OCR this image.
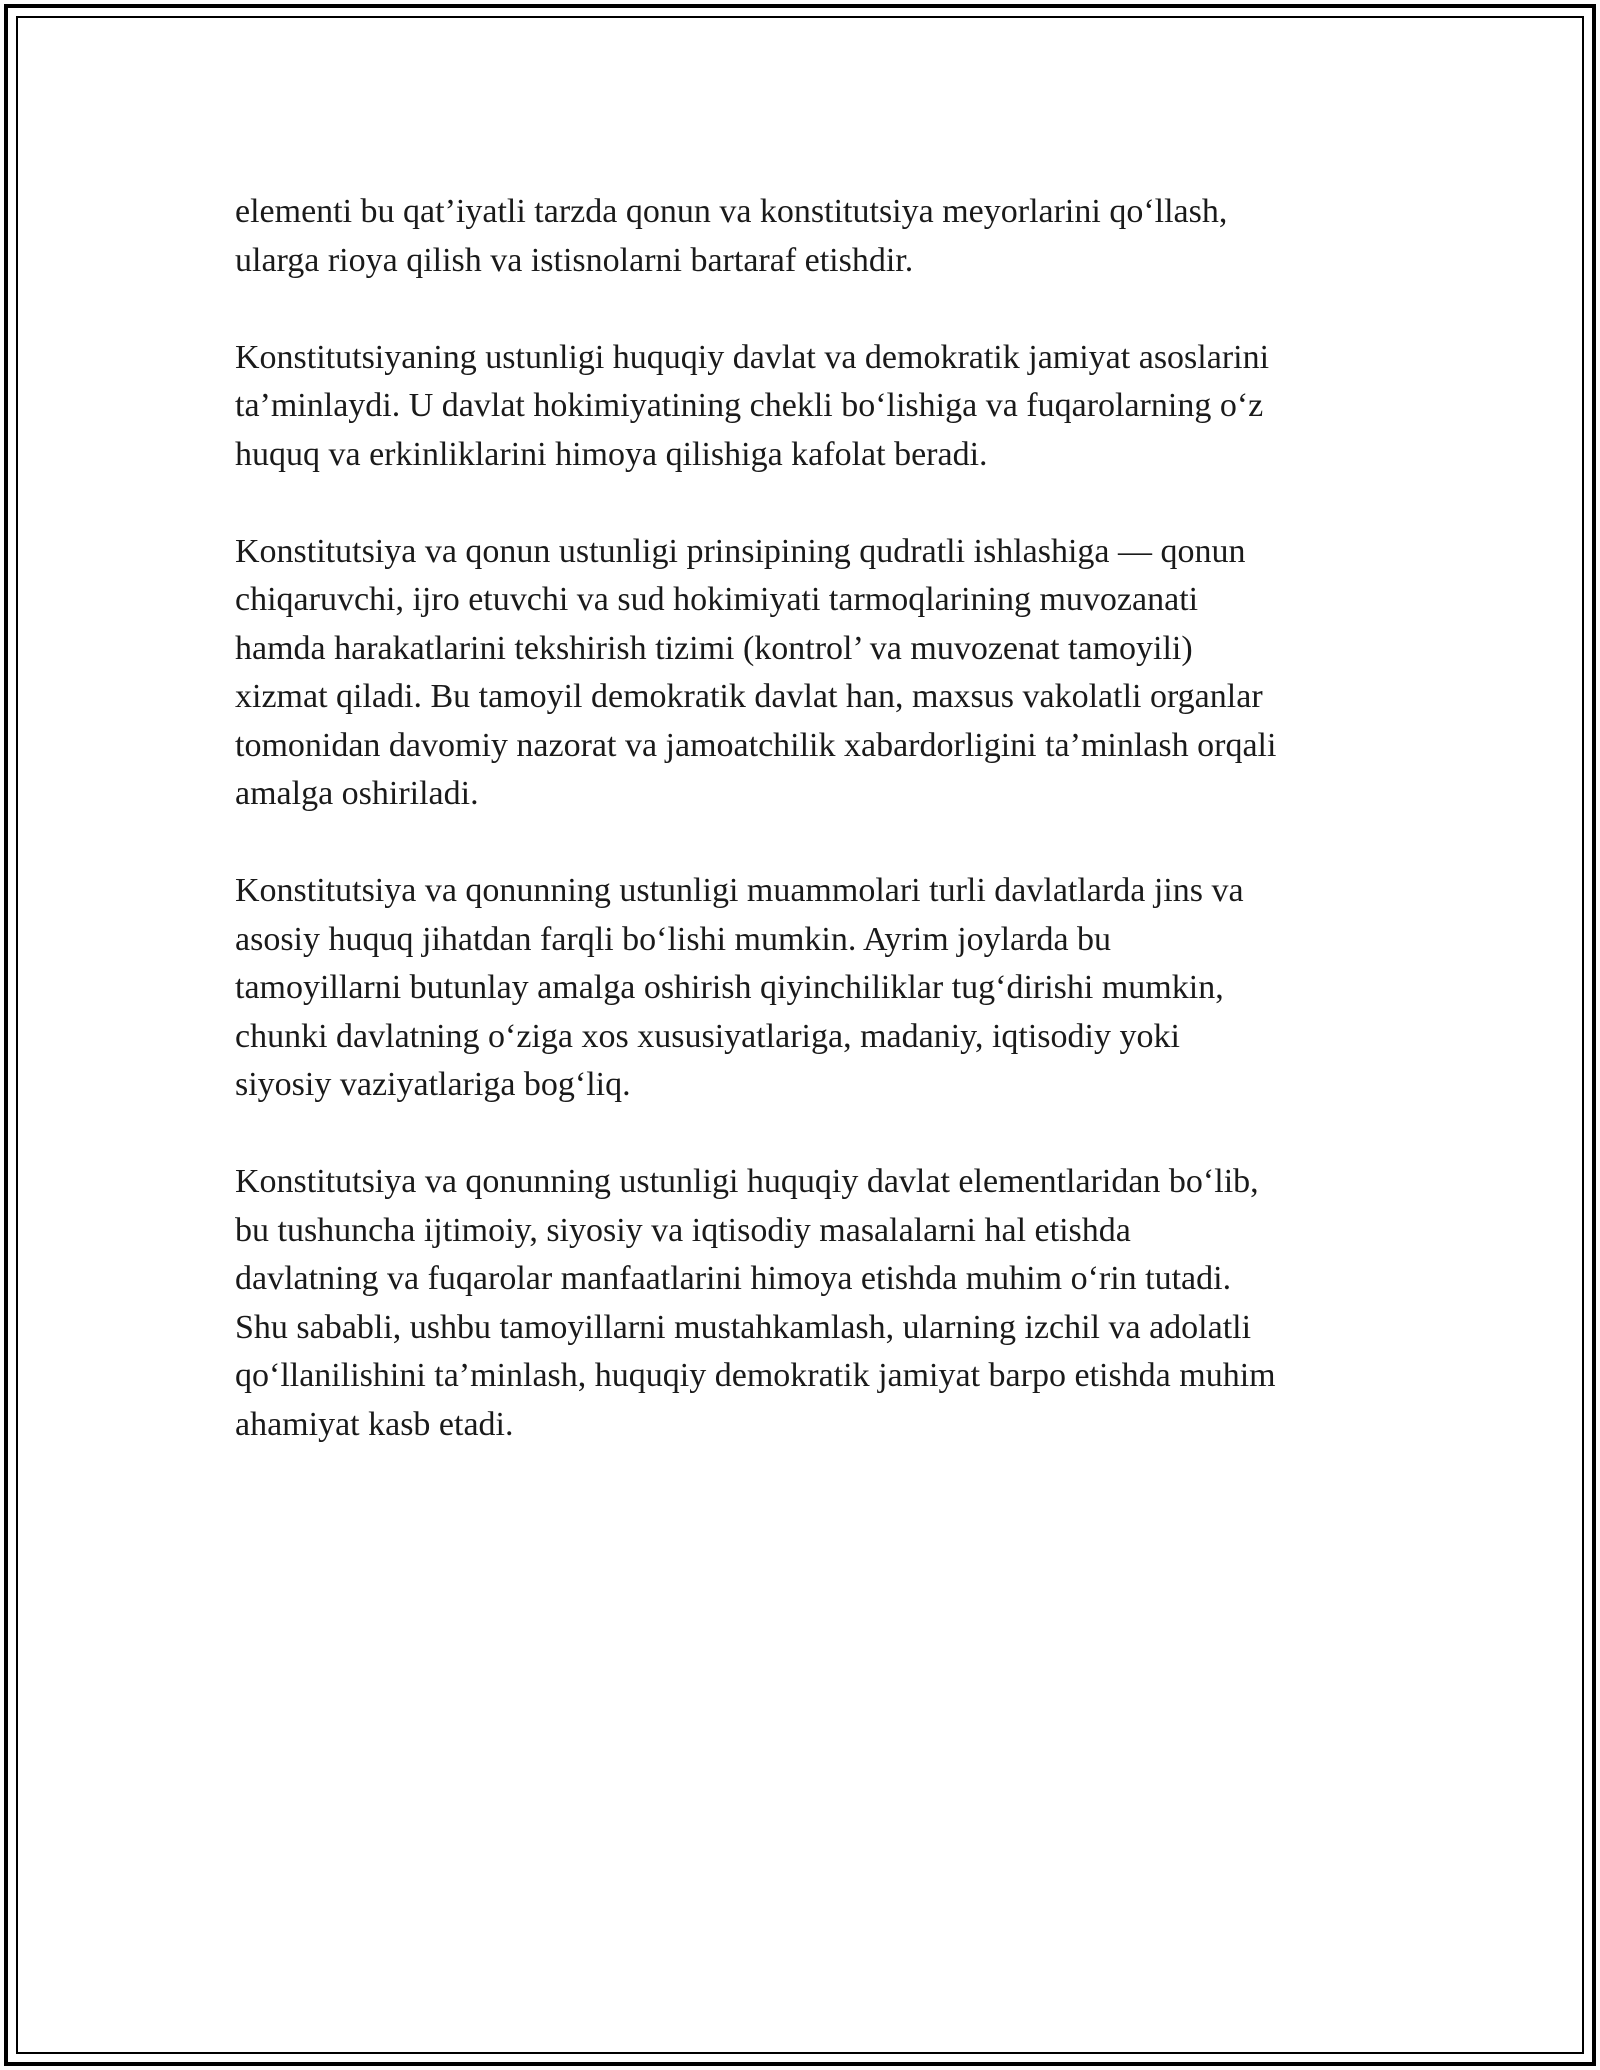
elementi bu qat’iyatli tarzda qonun va konstitutsiya meyorlarini qo‘llash,
ularga rioya qilish va istisnolarni bartaraf etishdir.

Konstitutsiyaning ustunligi huquqiy davlat va demokratik jamiyat asoslarini
ta’minlaydi. U davlat hokimiyatining chekli bo‘lishiga va fuqarolarning o‘z
huquq va erkinliklarini himoya qilishiga kafolat beradi.

Konstitutsiya va qonun ustunligi prinsipining qudratli ishlashiga — qonun
chiqaruvchi, ijro etuvchi va sud hokimiyati tarmoqlarining muvozanati
hamda harakatlarini tekshirish tizimi (kontrol’ va muvozenat tamoyili)
xizmat qiladi. Bu tamoyil demokratik davlat han, maxsus vakolatli organlar
tomonidan davomiy nazorat va jamoatchilik xabardorligini ta’minlash orqali
amalga oshiriladi.

Konstitutsiya va qonunning ustunligi muammolari turli davlatlarda jins va
asosiy huquq jihatdan farqli bo‘lishi mumkin. Ayrim joylarda bu
tamoyillarni butunlay amalga oshirish qiyinchiliklar tug‘dirishi mumkin,
chunki davlatning o‘ziga xos xususiyatlariga, madaniy, iqtisodiy yoki
siyosiy vaziyatlariga bog‘liq.

Konstitutsiya va qonunning ustunligi huquqiy davlat elementlaridan bo‘lib,
bu tushuncha ijtimoiy, siyosiy va iqtisodiy masalalarni hal etishda
davlatning va fuqarolar manfaatlarini himoya etishda muhim o‘rin tutadi.
Shu sababli, ushbu tamoyillarni mustahkamlash, ularning izchil va adolatli
qo‘llanilishini ta’minlash, huquqiy demokratik jamiyat barpo etishda muhim
ahamiyat kasb etadi.
